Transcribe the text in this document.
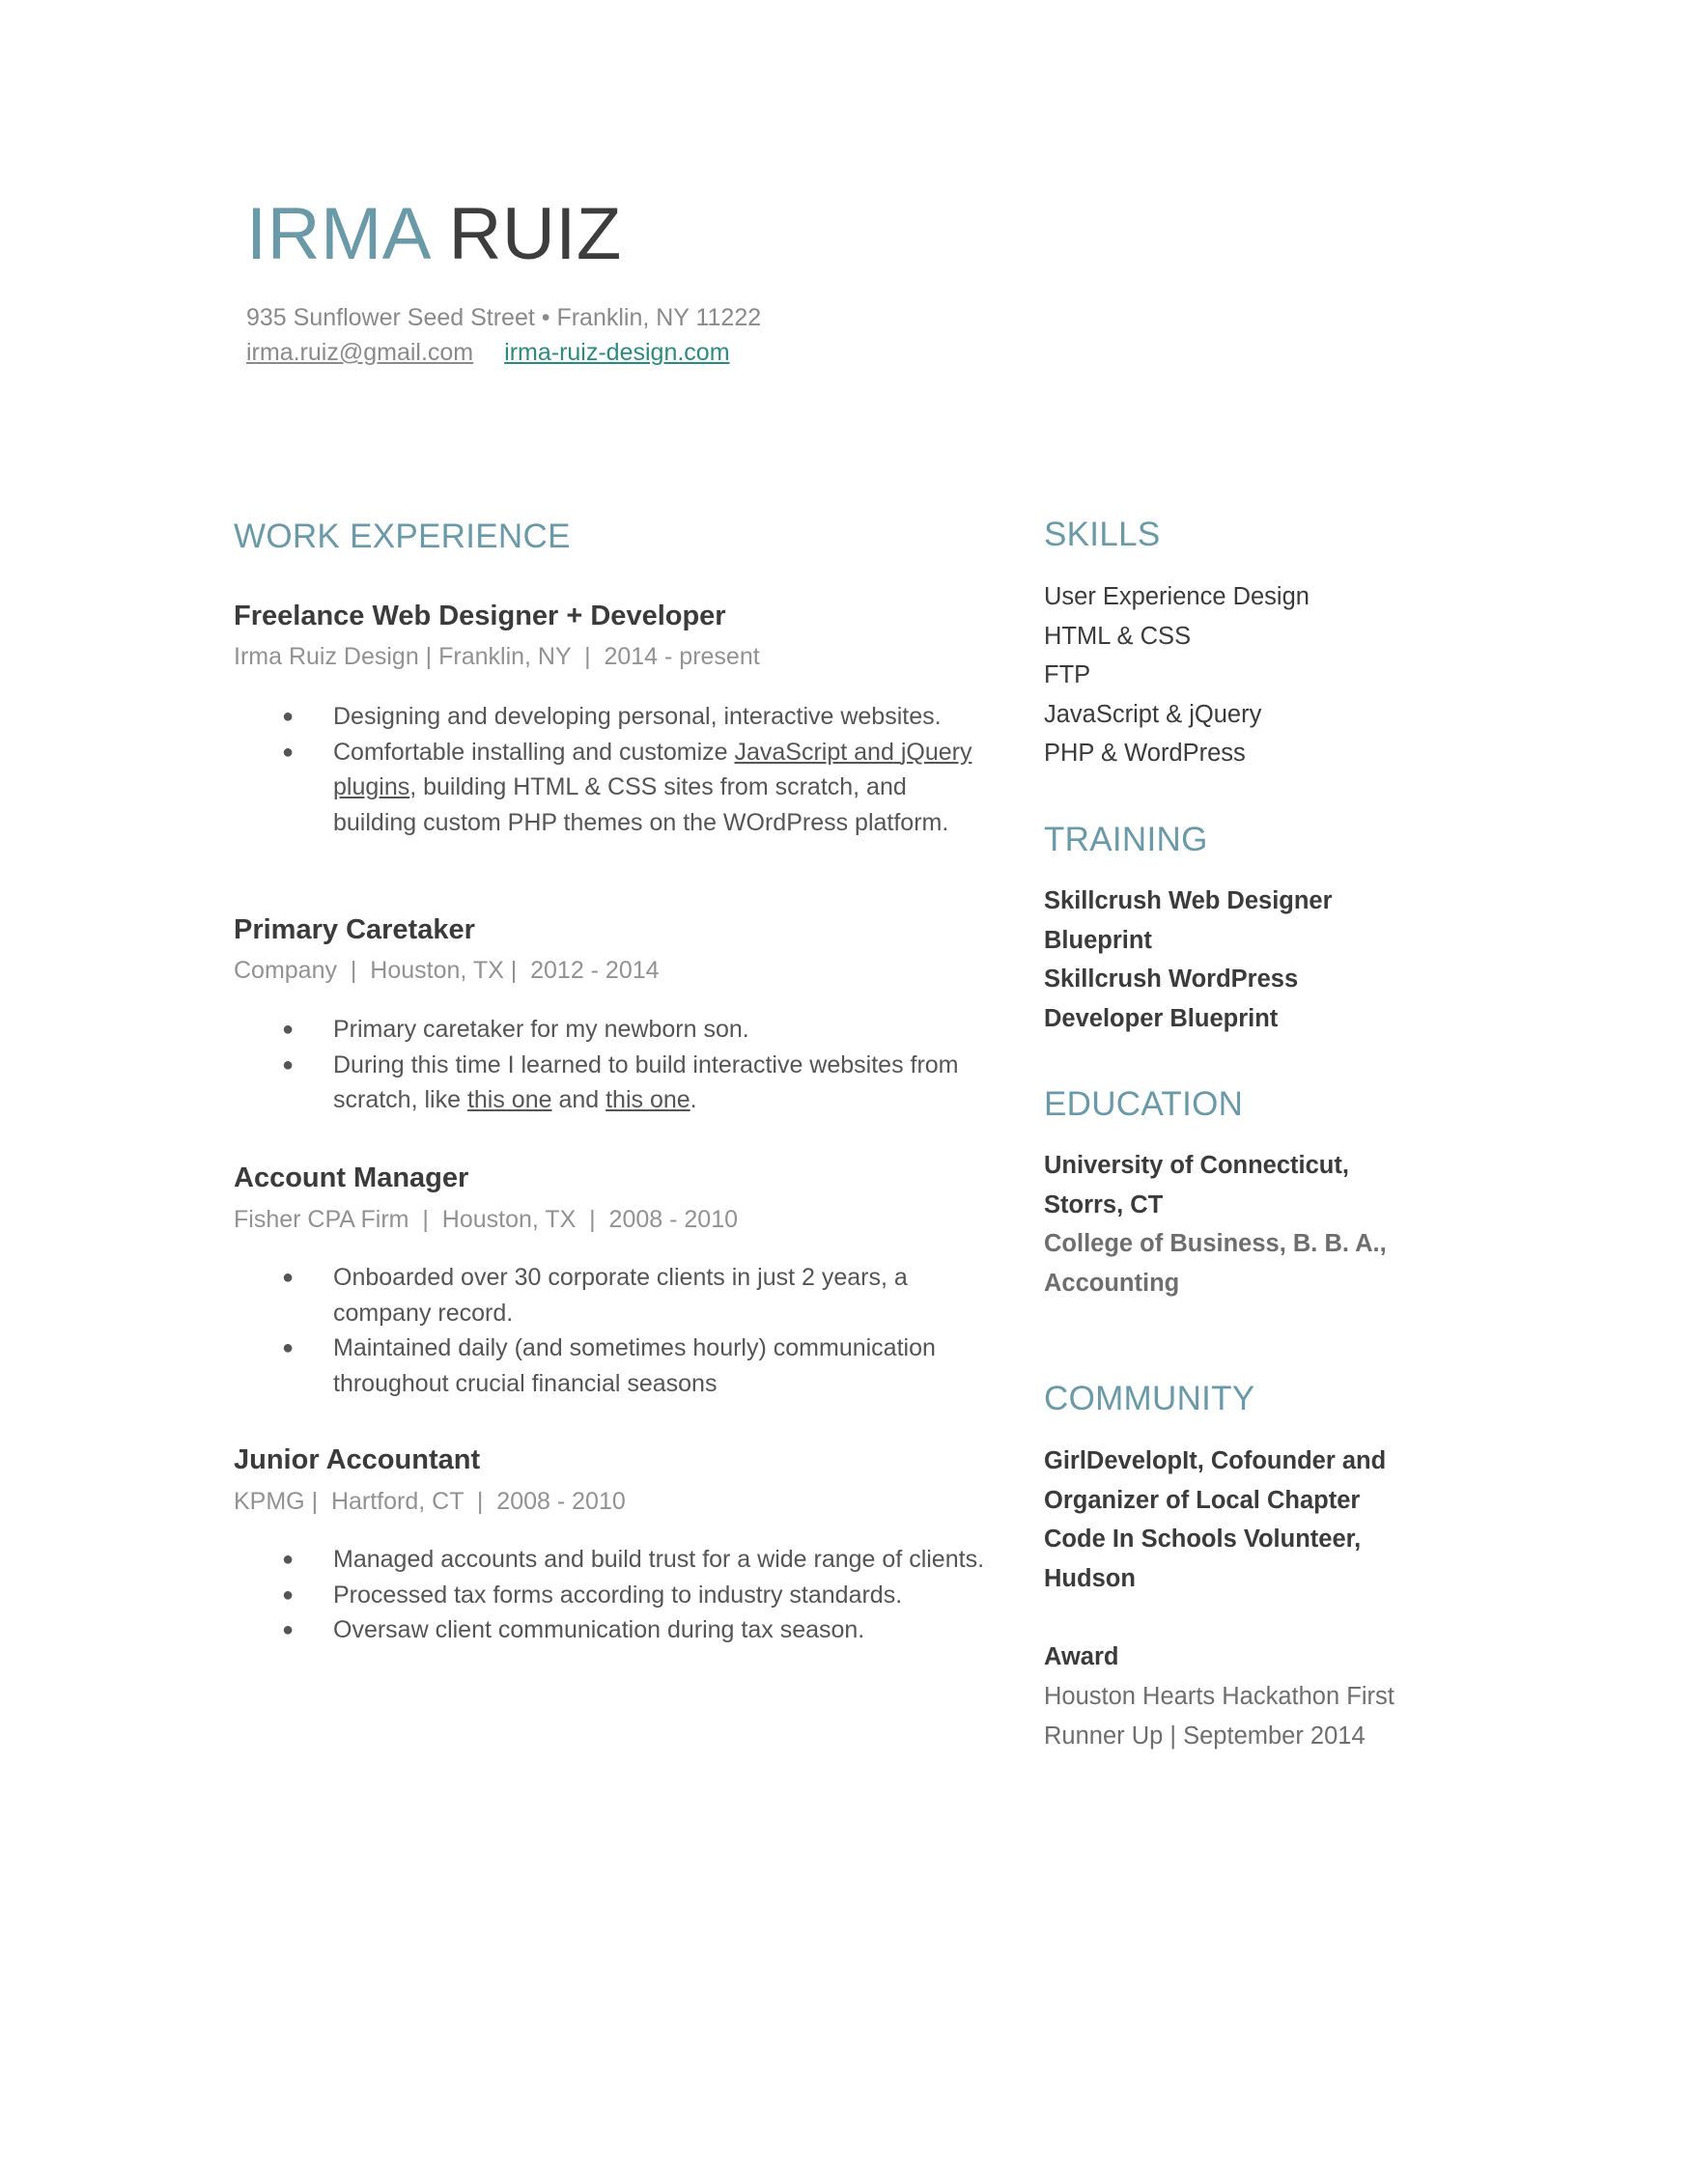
IRMA RUIZ
935 Sunflower Seed Street • Franklin, NY 11222
irma.ruiz@gmail.com irma-ruiz-design.com
WORK EXPERIENCE
Freelance Web Designer + Developer
Irma Ruiz Design | Franklin, NY  |  2014 - present
● Designing and developing personal, interactive websites.
● Comfortable installing and customize JavaScript and jQuery plugins, building HTML & CSS sites from scratch, and building custom PHP themes on the WOrdPress platform.
Primary Caretaker
Company  |  Houston, TX |  2012 - 2014
● Primary caretaker for my newborn son.
● During this time I learned to build interactive websites from scratch, like this one and this one.
Account Manager
Fisher CPA Firm  |  Houston, TX  |  2008 - 2010
● Onboarded over 30 corporate clients in just 2 years, a company record.
● Maintained daily (and sometimes hourly) communication throughout crucial financial seasons
Junior Accountant
KPMG |  Hartford, CT  |  2008 - 2010
● Managed accounts and build trust for a wide range of clients.
● Processed tax forms according to industry standards.
● Oversaw client communication during tax season.
SKILLS
User Experience Design
HTML & CSS
FTP
JavaScript & jQuery
PHP & WordPress
TRAINING
Skillcrush Web Designer Blueprint
Skillcrush WordPress Developer Blueprint
EDUCATION
University of Connecticut, Storrs, CT
College of Business, B. B. A., Accounting
COMMUNITY
GirlDevelopIt, Cofounder and Organizer of Local Chapter
Code In Schools Volunteer, Hudson
Award
Houston Hearts Hackathon First Runner Up | September 2014
